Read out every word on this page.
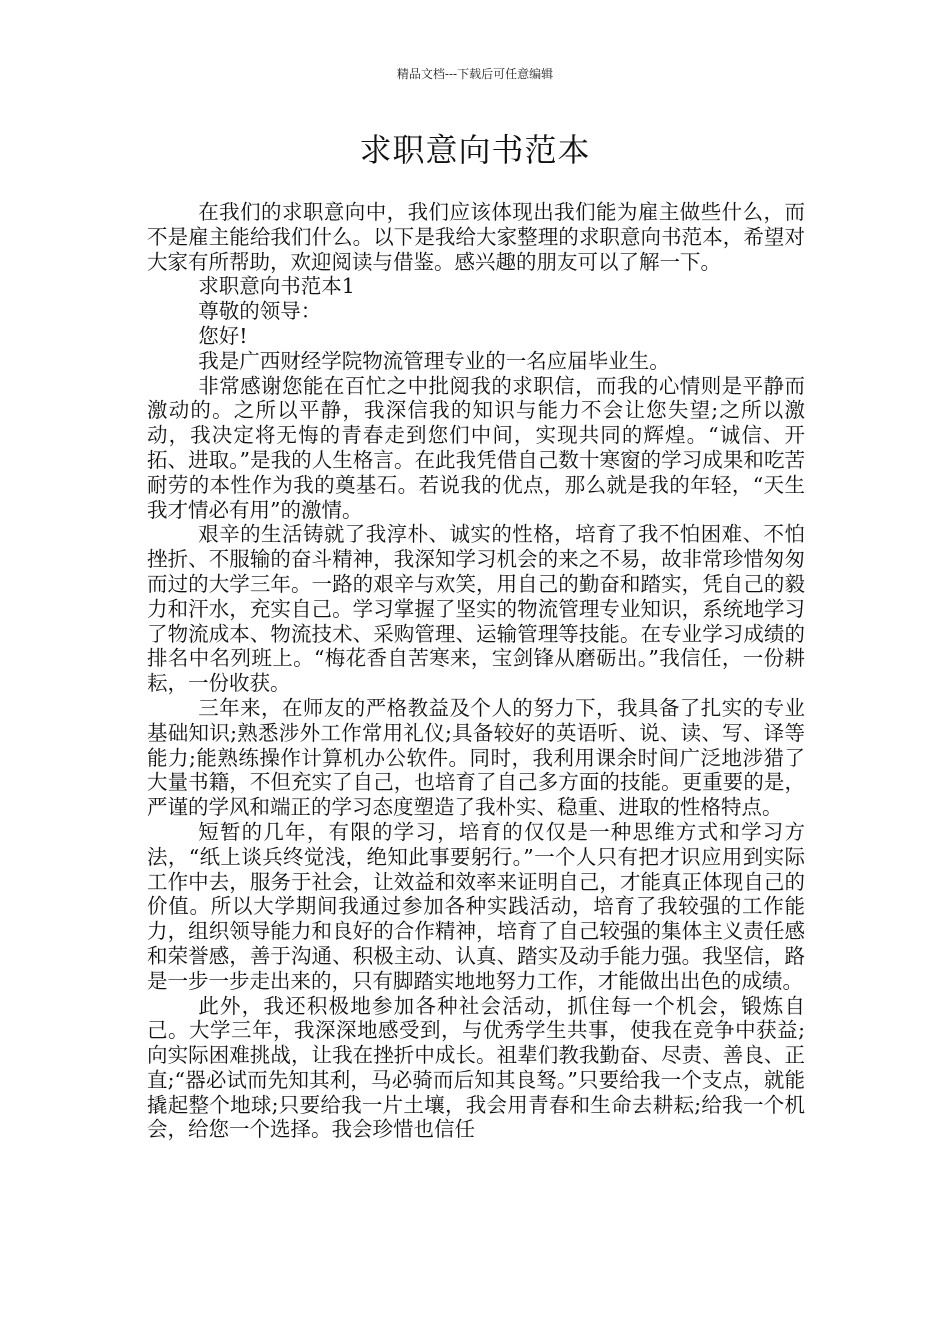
精品文档---下载后可任意编辑
求职意向书范本

在我们的求职意向中，我们应该体现出我们能为雇主做些什么，而不是雇主能给我们什么。以下是我给大家整理的求职意向书范本，希望对大家有所帮助，欢迎阅读与借鉴。感兴趣的朋友可以了解一下。

求职意向书范本1

尊敬的领导：

您好!

我是广西财经学院物流管理专业的一名应届毕业生。

非常感谢您能在百忙之中批阅我的求职信，而我的心情则是平静而激动的。之所以平静，我深信我的知识与能力不会让您失望;之所以激动，我决定将无悔的青春走到您们中间，实现共同的辉煌。“诚信、开拓、进取。”是我的人生格言。在此我凭借自己数十寒窗的学习成果和吃苦耐劳的本性作为我的奠基石。若说我的优点，那么就是我的年轻，“天生我才情必有用”的激情。

艰辛的生活铸就了我淳朴、诚实的性格，培育了我不怕困难、不怕挫折、不服输的奋斗精神，我深知学习机会的来之不易，故非常珍惜匆匆而过的大学三年。一路的艰辛与欢笑，用自己的勤奋和踏实，凭自己的毅力和汗水，充实自己。学习掌握了坚实的物流管理专业知识，系统地学习了物流成本、物流技术、采购管理、运输管理等技能。在专业学习成绩的排名中名列班上。“梅花香自苦寒来，宝剑锋从磨砺出。”我信任，一份耕耘，一份收获。

三年来，在师友的严格教益及个人的努力下，我具备了扎实的专业基础知识;熟悉涉外工作常用礼仪;具备较好的英语听、说、读、写、译等能力;能熟练操作计算机办公软件。同时，我利用课余时间广泛地涉猎了大量书籍，不但充实了自己，也培育了自己多方面的技能。更重要的是，严谨的学风和端正的学习态度塑造了我朴实、稳重、进取的性格特点。

短暂的几年，有限的学习，培育的仅仅是一种思维方式和学习方法，“纸上谈兵终觉浅，绝知此事要躬行。”一个人只有把才识应用到实际工作中去，服务于社会，让效益和效率来证明自己，才能真正体现自己的价值。所以大学期间我通过参加各种实践活动，培育了我较强的工作能力，组织领导能力和良好的合作精神，培育了自己较强的集体主义责任感和荣誉感，善于沟通、积极主动、认真、踏实及动手能力强。我坚信，路是一步一步走出来的，只有脚踏实地地努力工作，才能做出出色的成绩。

此外，我还积极地参加各种社会活动，抓住每一个机会，锻炼自己。大学三年，我深深地感受到，与优秀学生共事，使我在竞争中获益;向实际困难挑战，让我在挫折中成长。祖辈们教我勤奋、尽责、善良、正直;“器必试而先知其利，马必骑而后知其良驽。”只要给我一个支点，就能撬起整个地球;只要给我一片土壤，我会用青春和生命去耕耘;给我一个机会，给您一个选择。我会珍惜也信任
